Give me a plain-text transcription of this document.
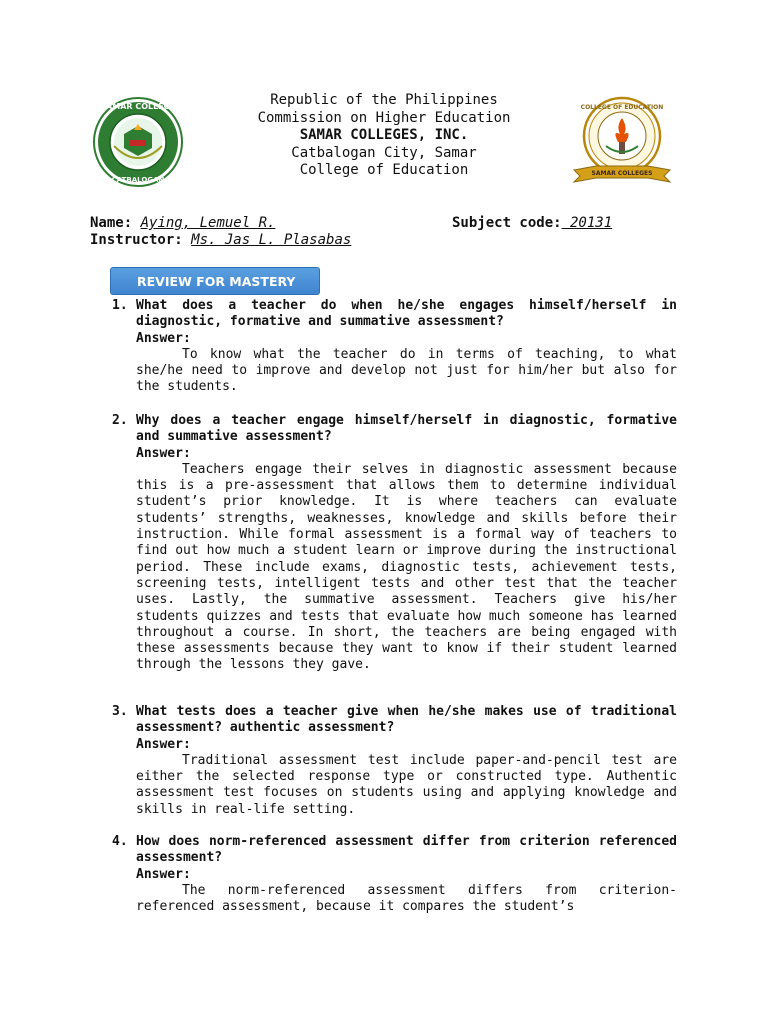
SAMAR COLLEGE
CATBALOGAN
Republic of the Philippines
Commission on Higher Education
SAMAR COLLEGES, INC.
Catbalogan City, Samar
College of Education
COLLEGE OF EDUCATION
SAMAR COLLEGES
Name: Aying, Lemuel R.
Instructor: Ms. Jas L. Plasabas
Subject code: 20131
REVIEW FOR MASTERY
1. What does a teacher do when he/she engages himself/herself in diagnostic, formative and summative assessment?
Answer:
To know what the teacher do in terms of teaching, to what she/he need to improve and develop not just for him/her but also for the students.
2. Why does a teacher engage himself/herself in diagnostic, formative and summative assessment?
Answer:
Teachers engage their selves in diagnostic assessment because this is a pre-assessment that allows them to determine individual student’s prior knowledge. It is where teachers can evaluate students’ strengths, weaknesses, knowledge and skills before their instruction. While formal assessment is a formal way of teachers to find out how much a student learn or improve during the instructional period. These include exams, diagnostic tests, achievement tests, screening tests, intelligent tests and other test that the teacher uses. Lastly, the summative assessment. Teachers give his/her students quizzes and tests that evaluate how much someone has learned throughout a course. In short, the teachers are being engaged with these assessments because they want to know if their student learned through the lessons they gave.
3. What tests does a teacher give when he/she makes use of traditional assessment? authentic assessment?
Answer:
Traditional assessment test include paper-and-pencil test are either the selected response type or constructed type. Authentic assessment test focuses on students using and applying knowledge and skills in real-life setting.
4. How does norm-referenced assessment differ from criterion referenced assessment?
Answer:
The norm-referenced assessment differs from criterion-referenced assessment, because it compares the student’s
